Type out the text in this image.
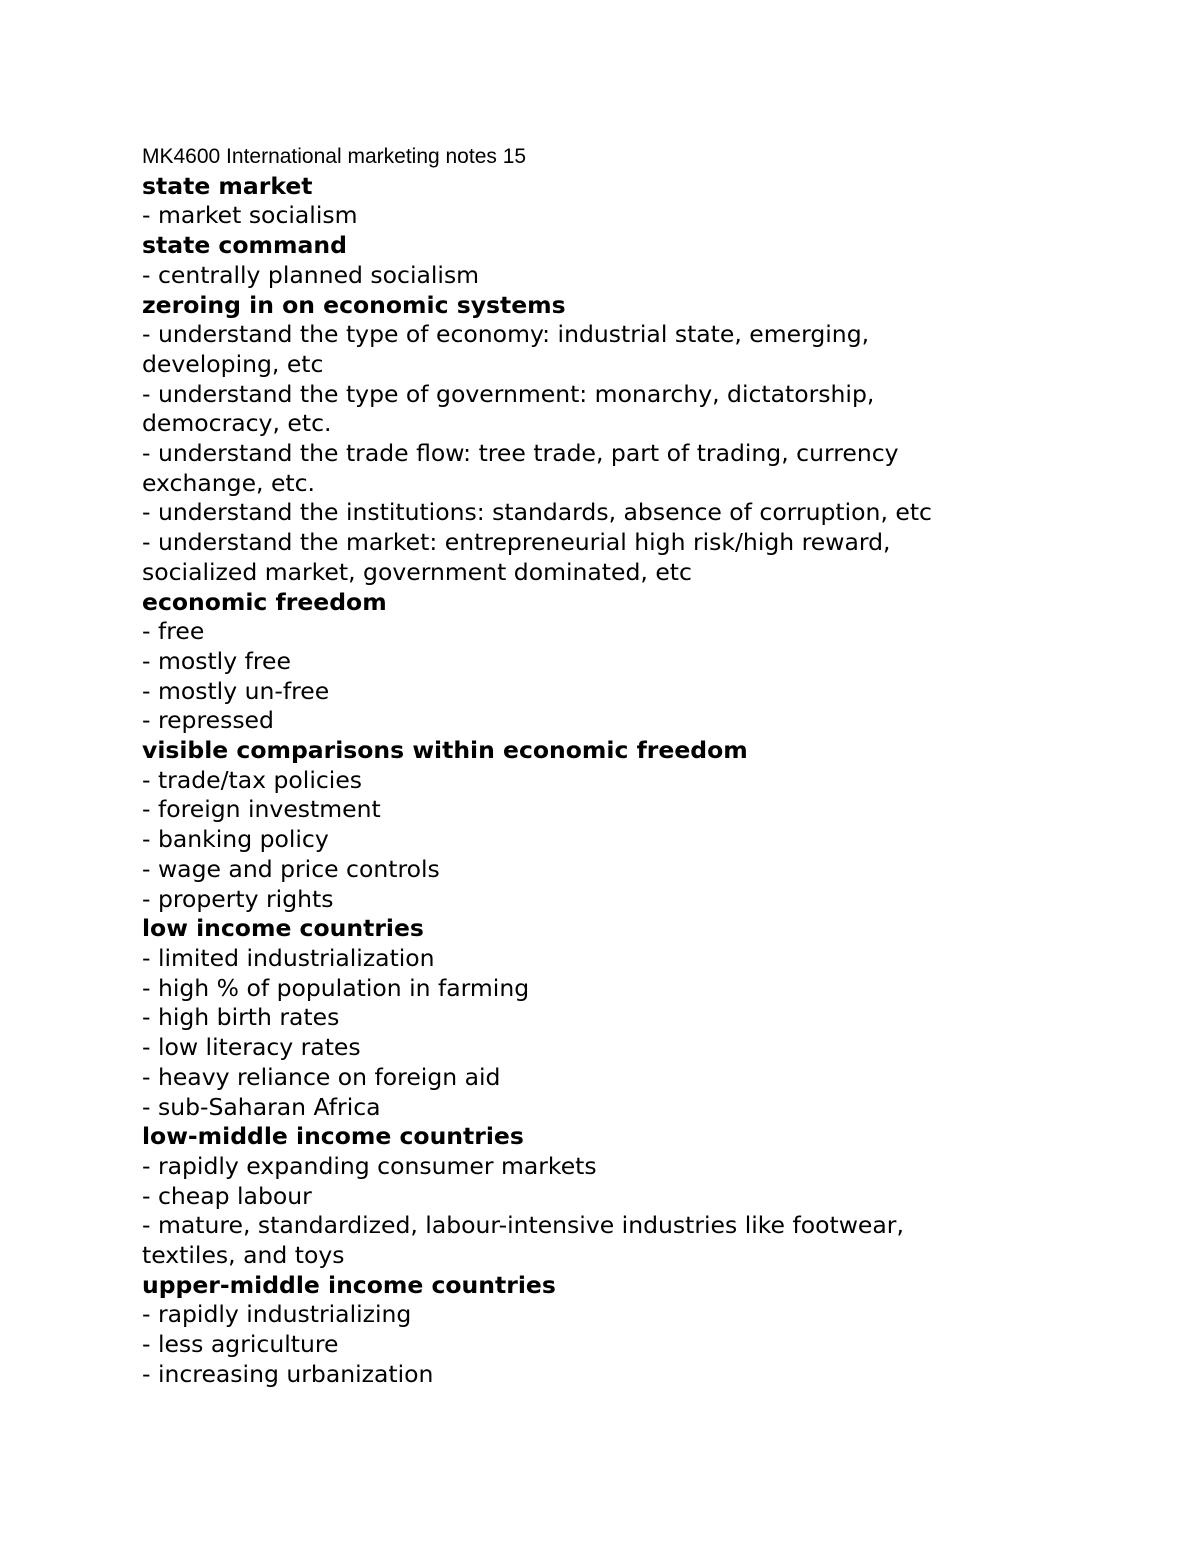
MK4600 International marketing notes 15

state market

- market socialism

state command

- centrally planned socialism

zeroing in on economic systems

- understand the type of economy: industrial state, emerging,

developing, etc

- understand the type of government: monarchy, dictatorship,

democracy, etc.

- understand the trade flow: tree trade, part of trading, currency

exchange, etc.

- understand the institutions: standards, absence of corruption, etc

- understand the market: entrepreneurial high risk/high reward,

socialized market, government dominated, etc

economic freedom

- free

- mostly free

- mostly un-free

- repressed

visible comparisons within economic freedom

- trade/tax policies

- foreign investment

- banking policy

- wage and price controls

- property rights

low income countries

- limited industrialization

- high % of population in farming

- high birth rates

- low literacy rates

- heavy reliance on foreign aid

- sub-Saharan Africa

low-middle income countries

- rapidly expanding consumer markets

- cheap labour

- mature, standardized, labour-intensive industries like footwear,

textiles, and toys

upper-middle income countries

- rapidly industrializing

- less agriculture

- increasing urbanization
